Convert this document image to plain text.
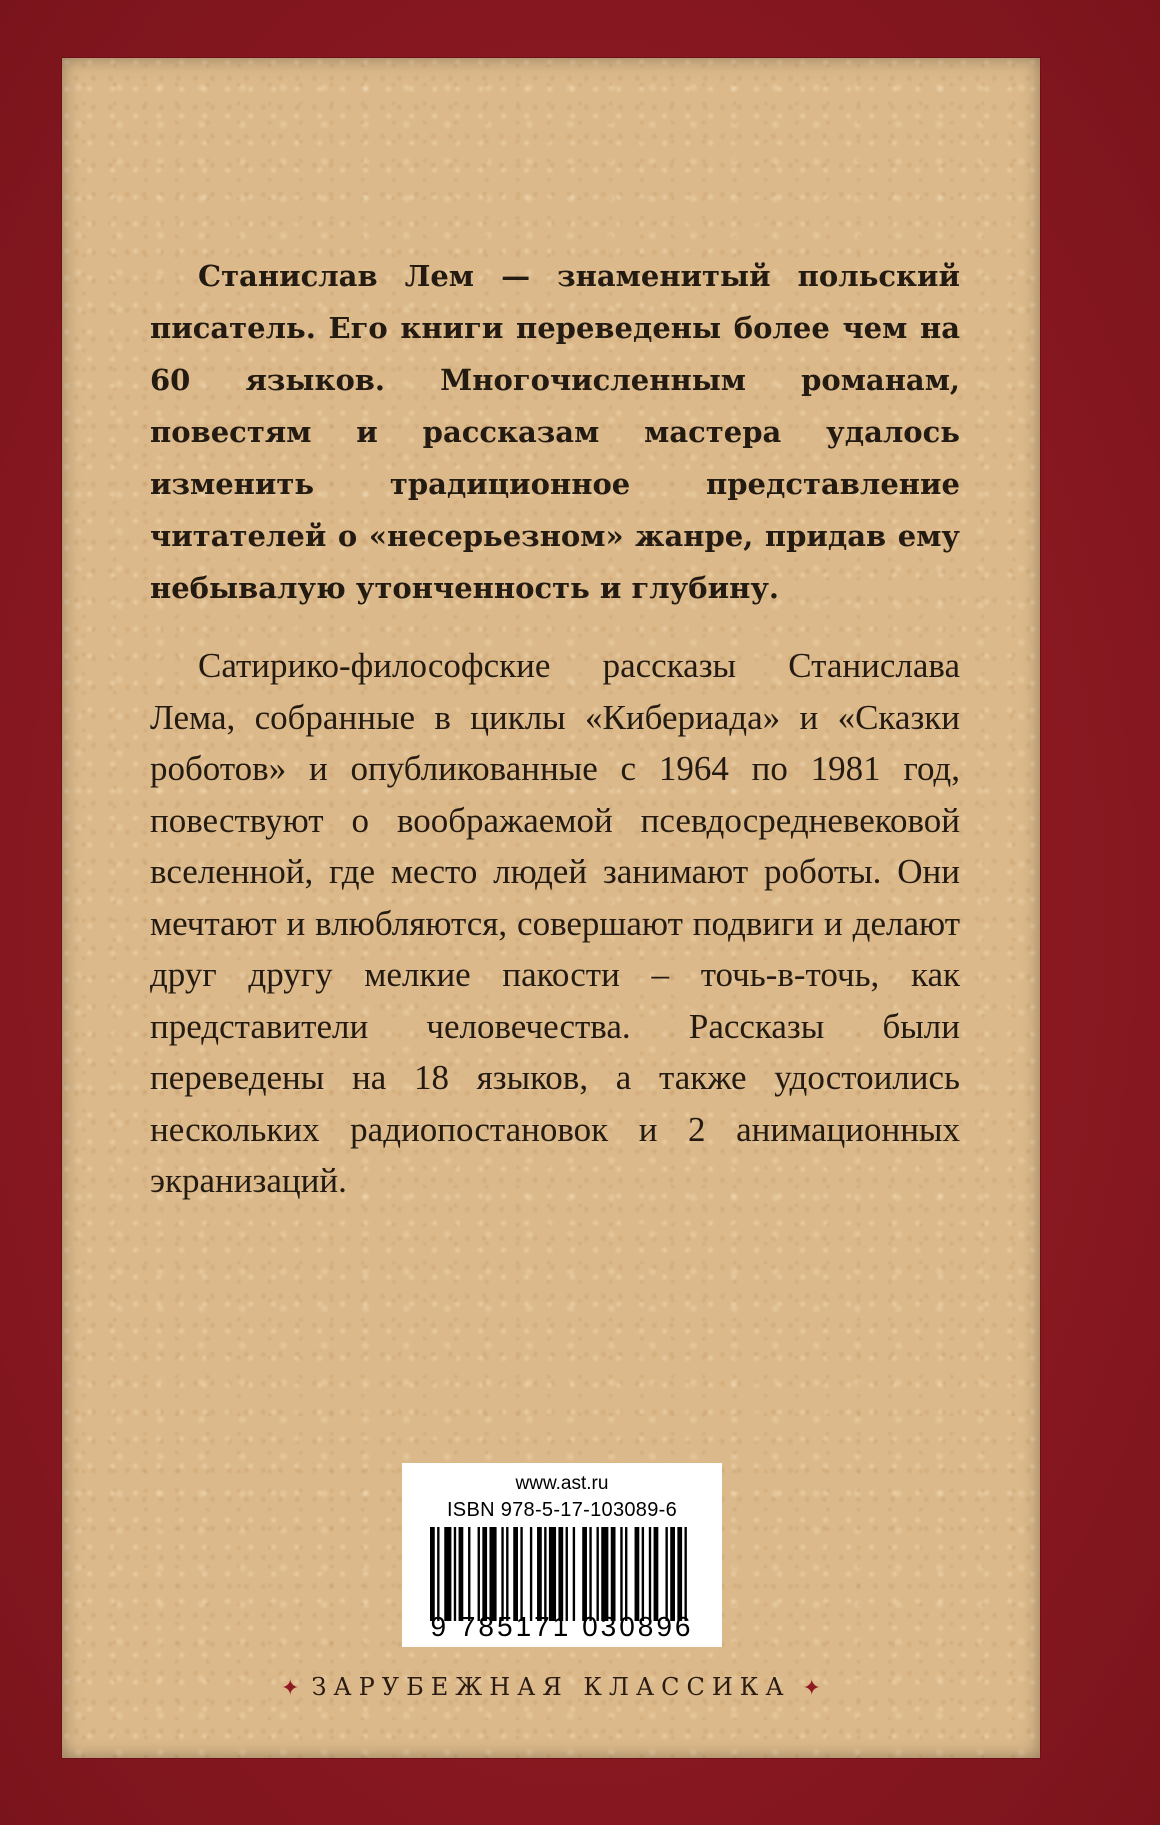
Станислав Лем — знаменитый польский писатель. Его книги переведены более чем на 60 языков. Многочисленным романам, повестям и рассказам мастера удалось изменить традиционное представление читателей о «несерьезном» жанре, придав ему небывалую утонченность и глубину.

Сатирико-философские рассказы Станислава Лема, собранные в циклы «Кибериада» и «Сказки роботов» и опубликованные с 1964 по 1981 год, повествуют о воображаемой псевдосредневековой вселенной, где место людей занимают роботы. Они мечтают и влюбляются, совершают подвиги и делают друг другу мелкие пакости – точь-в-точь, как представители человечества. Рассказы были переведены на 18 языков, а также удостоились нескольких радиопостановок и 2 анимационных экранизаций.

www.ast.ru
ISBN 978-5-17-103089-6
9 785171 030896
✦ ЗАРУБЕЖНАЯ КЛАССИКА ✦
